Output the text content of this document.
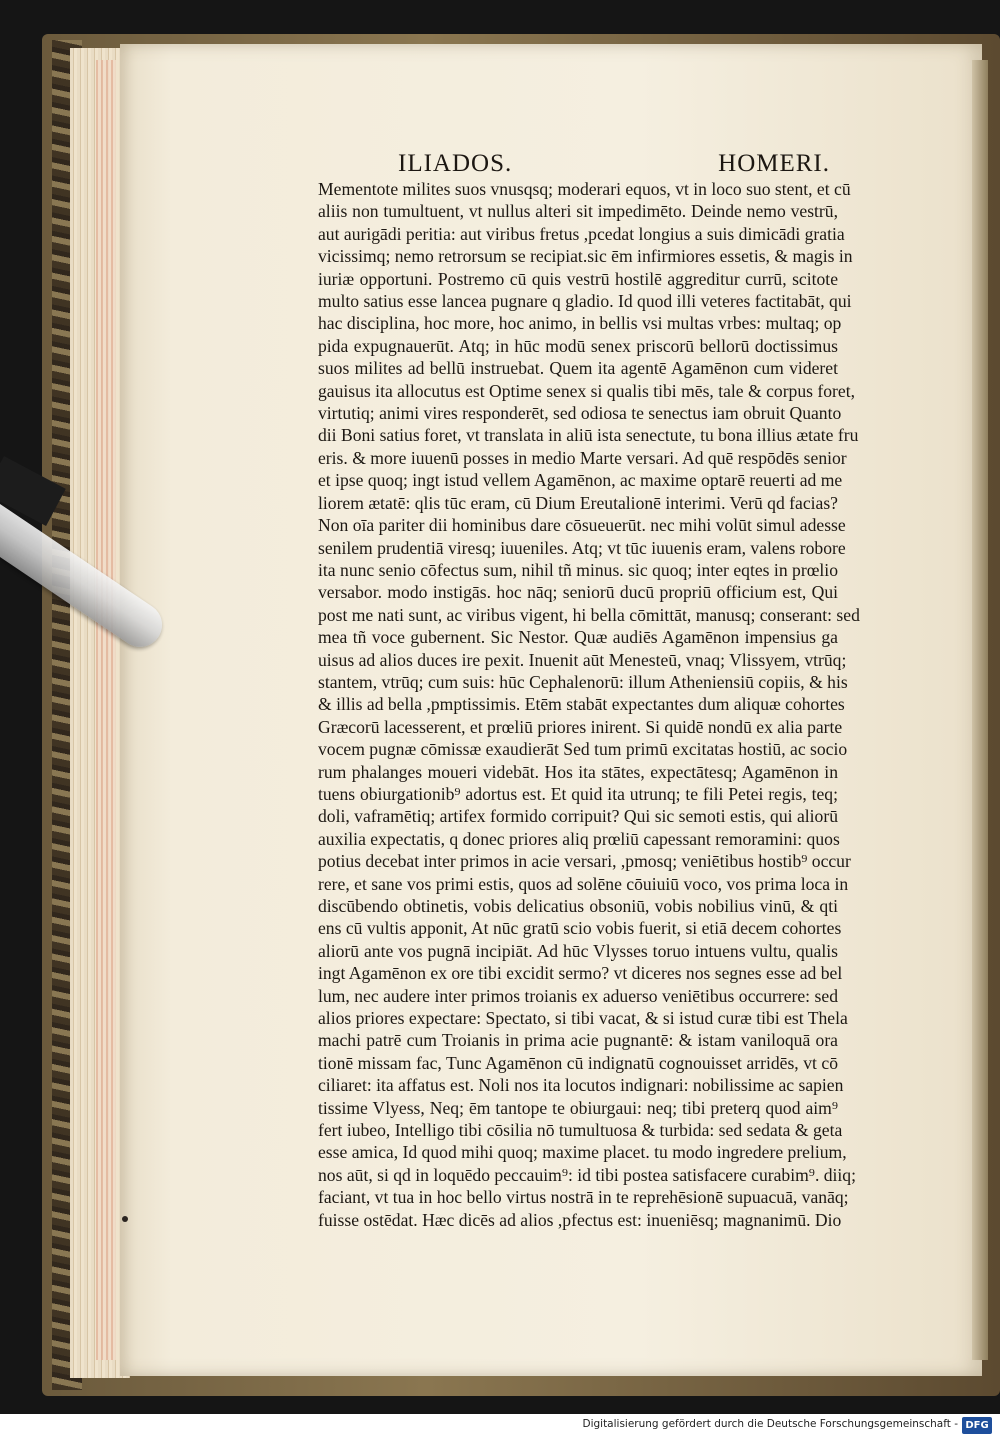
ILIADOS.	HOMERI.
Mementote milites suos vnusqsq; moderari equos, vt in loco suo stent, et cū
aliis non tumultuent, vt nullus alteri sit impedimēto. Deinde nemo vestrū,
aut aurigādi peritia: aut viribus fretus ,pcedat longius a suis dimicādi gratia
vicissimq; nemo retrorsum se recipiat.sic ēm infirmiores essetis, & magis in
iuriæ opportuni. Postremo cū quis vestrū hostilē aggreditur currū, scitote
multo satius esse lancea pugnare q gladio. Id quod illi veteres factitabāt, qui
hac disciplina, hoc more, hoc animo, in bellis vsi multas vrbes: multaq; op
pida expugnauerūt. Atq; in hūc modū senex priscorū bellorū doctissimus
suos milites ad bellū instruebat. Quem ita agentē Agamēnon cum videret
gauisus ita allocutus est Optime senex si qualis tibi mēs, tale & corpus foret,
virtutiq; animi vires responderēt, sed odiosa te senectus iam obruit Quanto
dii Boni satius foret, vt translata in aliū ista senectute, tu bona illius ætate fru
eris. & more iuuenū posses in medio Marte versari. Ad quē respōdēs senior
et ipse quoq; ingt istud vellem Agamēnon, ac maxime optarē reuerti ad me
liorem ætatē: qlis tūc eram, cū Dium Ereutalionē interimi. Verū qd facias?
Non oīa pariter dii hominibus dare cōsueuerūt. nec mihi volūt simul adesse
senilem prudentiā viresq; iuueniles. Atq; vt tūc iuuenis eram, valens robore
ita nunc senio cōfectus sum, nihil tñ minus. sic quoq; inter eqtes in prœlio
versabor. modo instigās. hoc nāq; seniorū ducū propriū officium est, Qui
post me nati sunt, ac viribus vigent, hi bella cōmittāt, manusq; conserant: sed
mea tñ voce gubernent. Sic Nestor. Quæ audiēs Agamēnon impensius ga
uisus ad alios duces ire pexit. Inuenit aūt Menesteū, vnaq; Vlissyem, vtrūq;
stantem, vtrūq; cum suis: hūc Cephalenorū: illum Atheniensiū copiis, & his
& illis ad bella ,pmptissimis. Etēm stabāt expectantes dum aliquæ cohortes
Græcorū lacesserent, et prœliū priores inirent. Si quidē nondū ex alia parte
vocem pugnæ cōmissæ exaudierāt Sed tum primū excitatas hostiū, ac socio
rum phalanges moueri videbāt. Hos ita stātes, expectātesq; Agamēnon in
tuens obiurgationib⁹ adortus est. Et quid ita utrunq; te fili Petei regis, teq;
doli, vaframētiq; artifex formido corripuit? Qui sic semoti estis, qui aliorū
auxilia expectatis, q donec priores aliq prœliū capessant remoramini: quos
potius decebat inter primos in acie versari, ,pmosq; veniētibus hostib⁹ occur
rere, et sane vos primi estis, quos ad solēne cōuiuiū voco, vos prima loca in
discūbendo obtinetis, vobis delicatius obsoniū, vobis nobilius vinū, & qti
ens cū vultis apponit, At nūc gratū scio vobis fuerit, si etiā decem cohortes
aliorū ante vos pugnā incipiāt. Ad hūc Vlysses toruo intuens vultu, qualis
ingt Agamēnon ex ore tibi excidit sermo? vt diceres nos segnes esse ad bel
lum, nec audere inter primos troianis ex aduerso veniētibus occurrere: sed
alios priores expectare: Spectato, si tibi vacat, & si istud curæ tibi est Thela
machi patrē cum Troianis in prima acie pugnantē: & istam vaniloquā ora
tionē missam fac, Tunc Agamēnon cū indignatū cognouisset arridēs, vt cō
ciliaret: ita affatus est. Noli nos ita locutos indignari: nobilissime ac sapien
tissime Vlyess, Neq; ēm tantope te obiurgaui: neq; tibi preterq quod aim⁹
fert iubeo, Intelligo tibi cōsilia nō tumultuosa & turbida: sed sedata & geta
esse amica, Id quod mihi quoq; maxime placet. tu modo ingredere prelium,
nos aūt, si qd in loquēdo peccauim⁹: id tibi postea satisfacere curabim⁹. diiq;
faciant, vt tua in hoc bello virtus nostrā in te reprehēsionē supuacuā, vanāq;
fuisse ostēdat. Hæc dicēs ad alios ,pfectus est: inueniēsq; magnanimū. Dio
Digitalisierung gefördert durch die Deutsche Forschungsgemeinschaft - DFG
